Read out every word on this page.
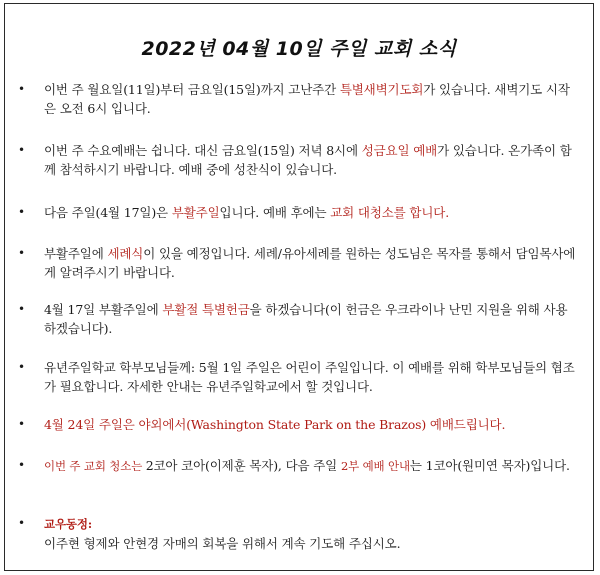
2022년 04월 10일 주일 교회 소식
• 이번 주 월요일(11일)부터 금요일(15일)까지 고난주간 특별새벽기도회가 있습니다. 새벽기도 시작은 오전 6시 입니다.
• 이번 주 수요예배는 쉽니다. 대신 금요일(15일) 저녁 8시에 성금요일 예배가 있습니다. 온가족이 함께 참석하시기 바랍니다. 예배 중에 성찬식이 있습니다.
• 다음 주일(4월 17일)은 부활주일입니다. 예배 후에는 교회 대청소를 합니다.
• 부활주일에 세례식이 있을 예정입니다. 세례/유아세례를 원하는 성도님은 목자를 통해서 담임목사에게 알려주시기 바랍니다.
• 4월 17일 부활주일에 부활절 특별헌금을 하겠습니다(이 헌금은 우크라이나 난민 지원을 위해 사용하겠습니다).
• 유년주일학교 학부모님들께: 5월 1일 주일은 어린이 주일입니다. 이 예배를 위해 학부모님들의 협조가 필요합니다. 자세한 안내는 유년주일학교에서 할 것입니다.
• 4월 24일 주일은 야외에서(Washington State Park on the Brazos) 예배드립니다.
• 이번 주 교회 청소는 2코아 코아(이제훈 목자), 다음 주일 2부 예배 안내는 1코아(원미연 목자)입니다.
• 교우동정:
이주현 형제와 안현경 자매의 회복을 위해서 계속 기도해 주십시오.
